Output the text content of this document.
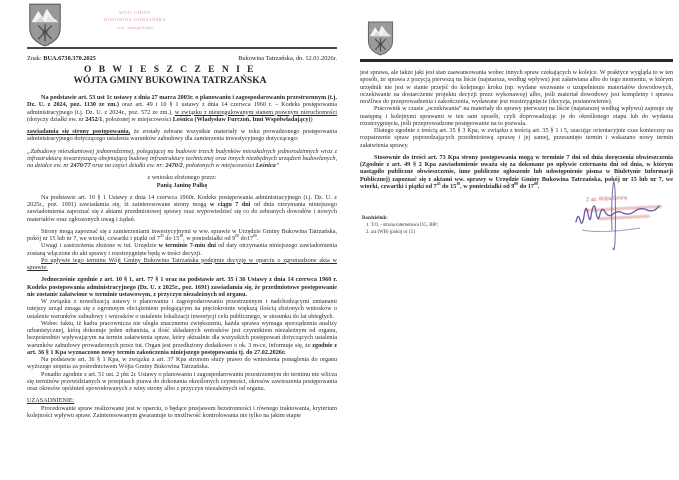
WÓJT GMINY
BUKOWINA TATRZAŃSKA
woj. małopolskie
Znak: BUA.6730.370.2025	Bukowina Tatrzańska, dn. 12.01.2026r.
O B W I E S Z C Z E N I E
WÓJTA GMINY BUKOWINA TATRZAŃSKA
Na podstawie art. 53 ust 1c ustawy z dnia 27 marca 2003r. o planowaniu i zagospodarowaniu przestrzennym (t.j. Dz. U. z 2024, poz. 1130 ze zm.) oraz art. 49 i 10 § 1 ustawy z dnia 14 czerwca 1960 r. – Kodeks postępowania administracyjnego (t.j. Dz. U. z 2024r., poz. 572 ze zm.), w związku z nieuregulowanym stanem prawnym nieruchomości (dotyczy działki ew. nr 2452/1, położonej w miejscowości Leśnica (Władysław Furczoń, Inni Współwładający))
zawiadamia się strony postępowania, że zostały zebrane wszystkie materiały w toku prowadzonego postępowania administracyjnego dotyczącego ustalenia warunków zabudowy dla zamierzenia inwestycyjnego dotyczącego:
„Zabudowy mieszkaniowej jednorodzinnej, polegającej na budowie trzech budynków mieszkalnych jednorodzinnych wraz z infrastrukturą towarzyszącą obejmującą budowę infrastruktury technicznej oraz innych niezbędnych urządzeń budowlanych, na działce ew. nr 2470/77 oraz na części działki ew. nr: 2470/2, położonych w miejscowości Leśnica”
z wniosku złożonego przez:
Panią Janinę Pałkę
Na podstawie art. 10 § 1 Ustawy z dnia 14 czerwca 1960r. Kodeks postępowania administracyjnego (t.j. Dz. U. z 2025r., poz. 1091) zawiadamia się, iż zainteresowane strony mogą w ciągu 7 dni od dnia otrzymania niniejszego zawiadomienia zapoznać się z aktami przedmiotowej sprawy oraz wypowiedzieć się co do zebranych dowodów i nowych materiałów oraz zgłoszonych uwag i żądań.
Strony mogą zapoznać się z zamierzeniami inwestycyjnymi w ww. sprawie w Urzędzie Gminy Bukowina Tatrzańska, pokój nr 15 lub nr 7, we wtorki, czwartki i piątki od $7^{45}$ do $15^{30}$, w poniedziałki od $9^{00}$ $do17^{00}$.
Uwagi i zastrzeżenia złożone w tut. Urzędzie w terminie 7-miu dni od daty otrzymania niniejszego zawiadomienia zostaną włączone do akt sprawy i rozstrzygnięte będą w treści decyzji.
Po upływie tego terminu Wójt Gminy Bukowina Tatrzańska podejmie decyzję w oparciu o zgromadzone akta w sprawie.
Jednocześnie zgodnie z art. 10 § 1, art. 77 § 1 oraz na podstawie art. 35 i 36 Ustawy z dnia 14 czerwca 1960 r. Kodeks postępowania administracyjnego (Dz. U. z 2025r., poz. 1691) zawiadamia się, że przedmiotowe postępowanie nie zostanie załatwione w terminie ustawowym, z przyczyn niezależnych od organu.
W związku z nowelizacją ustawy o planowaniu i zagospodarowaniu przestrzennym i nadchodzącymi zmianami tutejszy urząd zmaga się z ogromnym obciążeniem polegającym na pięciokrotnie większą ilością złożonych wniosków o ustalenie warunków zabudowy i wniosków o ustalenie lokalizacji inwestycji celu publicznego, w stosunku do lat ubiegłych.
Wobec faktu, iż kadra pracownicza nie uległa znacznemu zwiększeniu, każda sprawa wymaga sporządzenia analizy urbanistycznej, którą dokonuje jeden urbanista, a ilość składanych wniosków jest czynnikiem niezależnym od organu, bezpośrednio wpływającym na termin załatwienia spraw, który aktualnie dla wszystkich postępowań dotyczących ustalenia warunków zabudowy prowadzonych przez tut. Organ jest przedłużony dodatkowo o ok. 3 m-ce, informuje się, że zgodnie z art. 36 § 1 Kpa wyznaczono nowy termin zakończenia niniejszego postępowania tj. do 27.02.2026r.
Na podstawie art. 36 § 1 Kpa, w związku z art. 37 Kpa stronom służy prawo do wniesienia ponaglenia do organu wyższego stopnia za pośrednictwem Wójta Gminy Bukowina Tatrzańska.
Ponadto zgodnie z art. 51 ust. 2 pkt 2c Ustawy o planowaniu i zagospodarowaniu przestrzennym do terminu nie wlicza się terminów przewidzianych w przepisach prawa do dokonania określonych czynności, okresów zawieszenia postępowania oraz okresów opóźnień spowodowanych z winy strony albo z przyczyn niezależnych od organu.
UZASADNIENIE:
Procedowanie spraw realizowane jest w oparciu, o będące przejawem bezstronności i równego traktowania, kryterium kolejności wpływu spraw. Zainteresowanym gwarantuje to możliwość kontrolowania nie tylko na jakim etapie
jest sprawa, ale także jaki jest stan zaawansowania wobec innych spraw czekających w kolejce. W praktyce wygląda to w ten sposób, że sprawa z pozycją pierwszą na liście (najstarsza, według wpływu) jest załatwiana albo do tego momentu, w którym urzędnik nie jest w stanie przejść do kolejnego kroku (np. wydane wezwanie o uzupełnienie materiałów dowodowych, oczekiwanie na dostarczenie projektu decyzji przez wykonawcę) albo, jeśli materiał dowodowy jest kompletny i sprawa możliwa do przeprowadzenia i zakończenia, wydawane jest rozstrzygnięcie (decyzja, postanowienie).
Pracownik w czasie „oczekiwania” na materiały do sprawy pierwszej na liście (najstarszej według wpływu) zajmuje się następną i kolejnymi sprawami w ten sam sposób, czyli doprowadzając je do określonego etapu lub do wydania rozstrzygnięcia, jeśli przeprowadzone postępowanie na to pozwala.
Dlatego zgodnie z treścią art. 35 § 3 Kpa, w związku z treścią art. 35 § 1 i 5, szacując orientacyjnie czas konieczny na rozpatrzenie spraw poprzedzających przedmiotową sprawę i jej samej, przesunięto termin i wskazano nowy termin załatwienia sprawy.
Stosownie do treści art. 73 Kpa strony postępowania mogą w terminie 7 dni od dnia doręczenia obwieszczenia (Zgodnie z art. 49 § 2 Kpa zawiadomienie uważa się za dokonane po upływie czternastu dni od dnia, w którym nastąpiło publiczne obwieszczenie, inne publiczne ogłoszenie lub udostępnienie pisma w Biuletynie Informacji Publicznej) zapoznać się z aktami ww. sprawy w Urzędzie Gminy Bukowina Tatrzańska, pokój nr 15 lub nr 7, we wtorki, czwartki i piątki od $7^{45}$ do $15^{30}$, w poniedziałki od $9^{00}$ do $17^{00}$.
Z up. Wójta Gminy
Rozdzielnik:
1. T.O. - strona internetowa UG, BIP;
2. a/a (WB) (pokój nr 15)
